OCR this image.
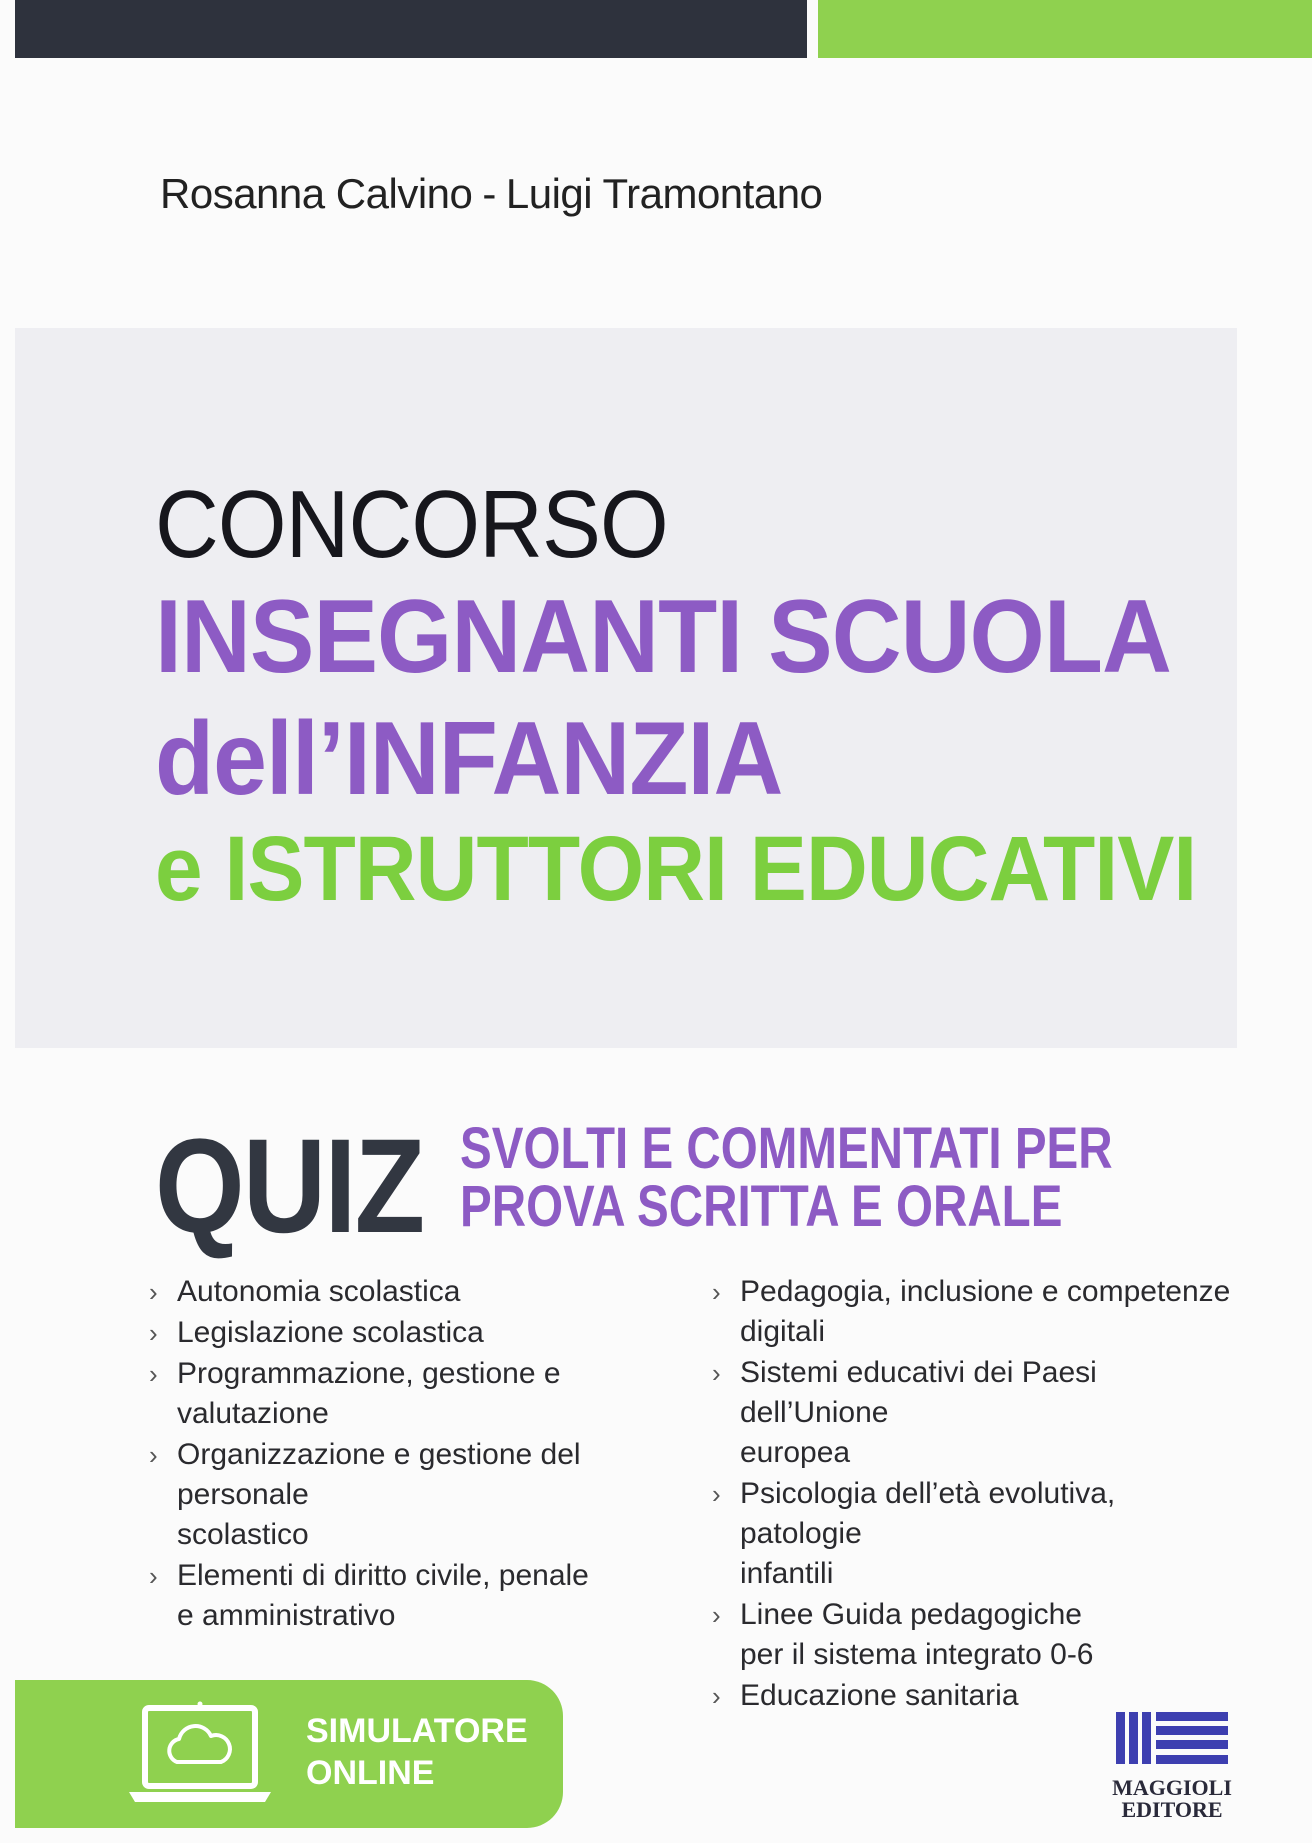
Rosanna Calvino - Luigi Tramontano
CONCORSO
INSEGNANTI SCUOLA
dell’INFANZIA
e ISTRUTTORI EDUCATIVI
QUIZ SVOLTI E COMMENTATI PER
PROVA SCRITTA E ORALE
› Autonomia scolastica
› Legislazione scolastica
› Programmazione, gestione e valutazione
› Organizzazione e gestione del personale
scolastico
› Elementi di diritto civile, penale
e amministrativo
› Pedagogia, inclusione e competenze
digitali
› Sistemi educativi dei Paesi dell’Unione
europea
› Psicologia dell’età evolutiva, patologie
infantili
› Linee Guida pedagogiche
per il sistema integrato 0-6
› Educazione sanitaria
SIMULATORE
ONLINE	MAGGIOLI
EDITORE
